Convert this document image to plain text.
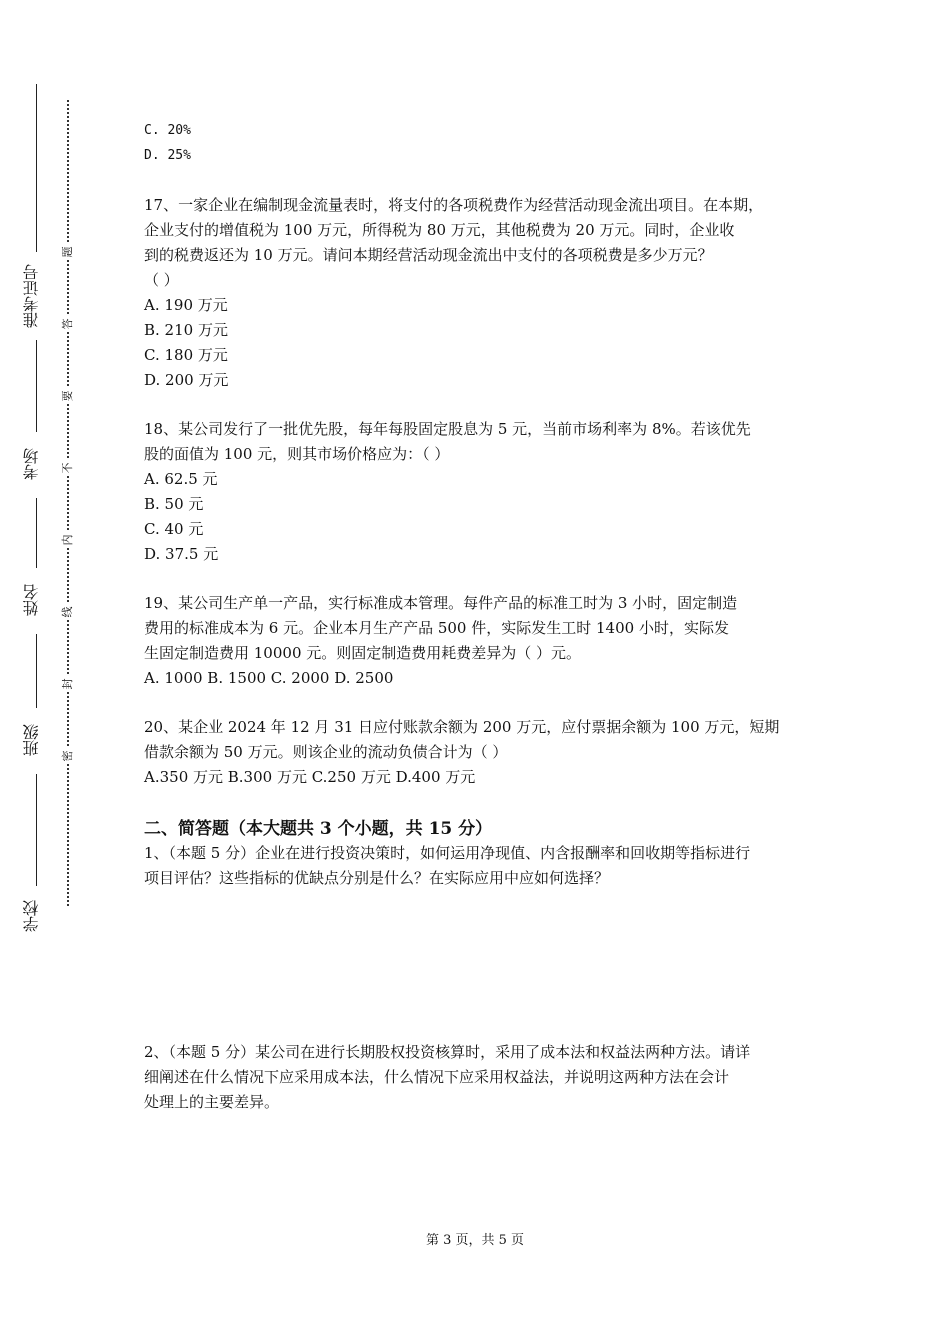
准考证号
考场
姓名
班级
学校
题
答
要
不
内
线
封
密
C. 20%
D. 25%
17、一家企业在编制现金流量表时，将支付的各项税费作为经营活动现金流出项目。在本期，
企业支付的增值税为 100 万元，所得税为 80 万元，其他税费为 20 万元。同时，企业收
到的税费返还为 10 万元。请问本期经营活动现金流出中支付的各项税费是多少万元？
（ ）
A. 190 万元
B. 210 万元
C. 180 万元
D. 200 万元
18、某公司发行了一批优先股，每年每股固定股息为 5 元，当前市场利率为 8%。若该优先
股的面值为 100 元，则其市场价格应为：（ ）
A. 62.5 元
B. 50 元
C. 40 元
D. 37.5 元
19、某公司生产单一产品，实行标准成本管理。每件产品的标准工时为 3 小时，固定制造
费用的标准成本为 6 元。企业本月生产产品 500 件，实际发生工时 1400 小时，实际发
生固定制造费用 10000 元。则固定制造费用耗费差异为（ ）元。
A. 1000 B. 1500 C. 2000 D. 2500
20、某企业 2024 年 12 月 31 日应付账款余额为 200 万元，应付票据余额为 100 万元，短期
借款余额为 50 万元。则该企业的流动负债合计为（ ）
A.350 万元 B.300 万元 C.250 万元 D.400 万元
二、简答题（本大题共 3 个小题，共 15 分）
1、（本题 5 分）企业在进行投资决策时，如何运用净现值、内含报酬率和回收期等指标进行
项目评估？这些指标的优缺点分别是什么？在实际应用中应如何选择？
2、（本题 5 分）某公司在进行长期股权投资核算时，采用了成本法和权益法两种方法。请详
细阐述在什么情况下应采用成本法，什么情况下应采用权益法，并说明这两种方法在会计
处理上的主要差异。
第 3 页，共 5 页
